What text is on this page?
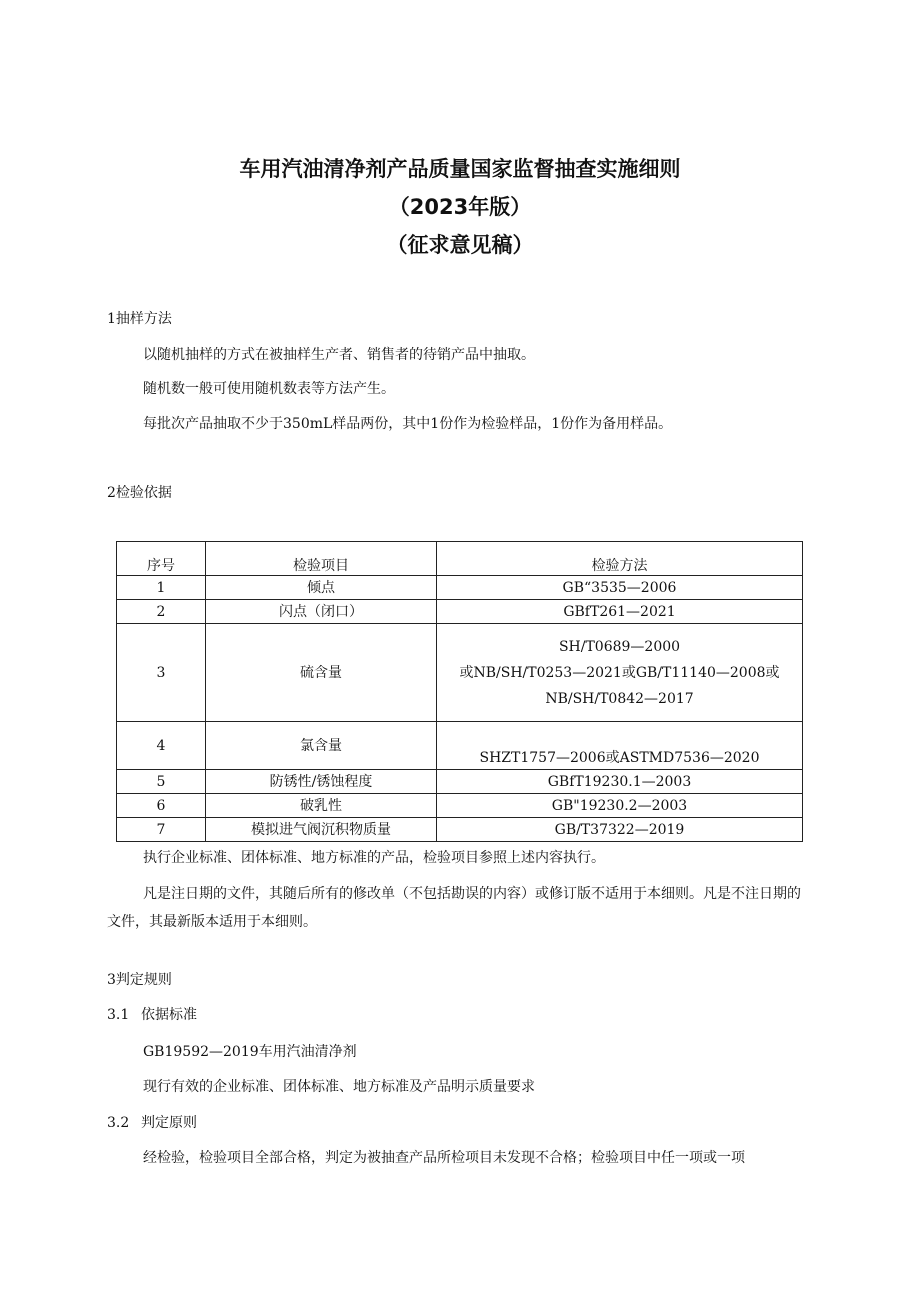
车用汽油清净剂产品质量国家监督抽查实施细则
（2023年版）
（征求意见稿）
1抽样方法
以随机抽样的方式在被抽样生产者、销售者的待销产品中抽取。
随机数一般可使用随机数表等方法产生。
每批次产品抽取不少于350mL样品两份，其中1份作为检验样品，1份作为备用样品。
2检验依据
序号	检验项目	检验方法
1	倾点	GB“3535—2006
2	闪点（闭口）	GBfT261—2021
3	硫含量	SH/T0689—2000
或NB/SH/T0253—2021或GB/T11140—2008或
NB/SH/T0842—2017

4	氯含量	SHZT1757—2006或ASTMD7536—2020
5	防锈性/锈蚀程度	GBfT19230.1—2003
6	破乳性	GB"19230.2—2003
7	模拟进气阀沉积物质量	GB/T37322—2019
执行企业标准、团体标准、地方标准的产品，检验项目参照上述内容执行。
凡是注日期的文件，其随后所有的修改单（不包括勘误的内容）或修订版不适用于本细则。凡是不注日期的文件，其最新版本适用于本细则。
3判定规则
3.1 依据标准
GB19592—2019车用汽油清净剂
现行有效的企业标准、团体标准、地方标准及产品明示质量要求
3.2 判定原则
经检验，检验项目全部合格，判定为被抽查产品所检项目未发现不合格；检验项目中任一项或一项
